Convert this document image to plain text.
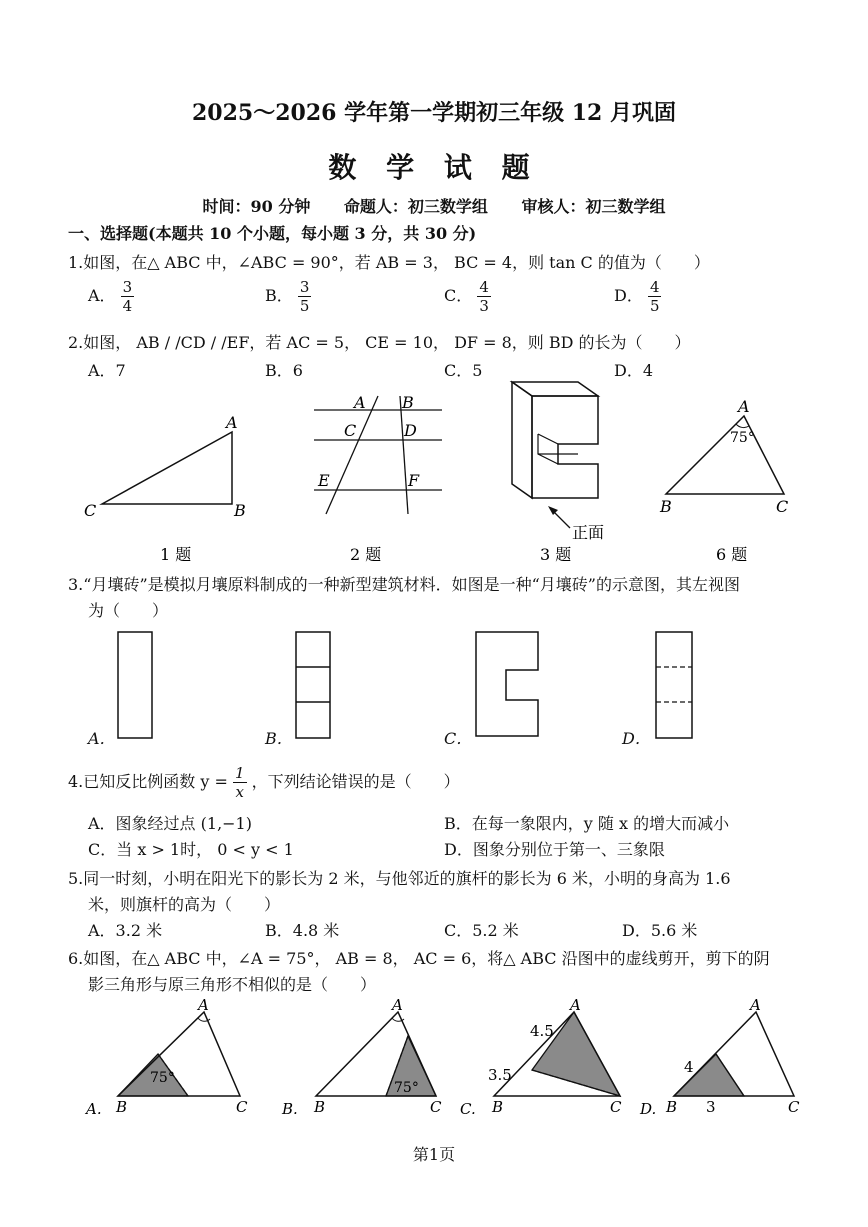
2025～2026 学年第一学期初三年级 12 月巩固
数 学 试 题
时间：90 分钟 命题人：初三数学组 审核人：初三数学组
一、选择题(本题共 10 个小题，每小题 3 分，共 30 分)
1.如图，在△ ABC 中，∠ABC = 90°，若 AB = 3， BC = 4，则 tan C 的值为（　　）
A． $\frac{3}{4}$	B． $\frac{3}{5}$	C． $\frac{4}{3}$	D． $\frac{4}{5}$
2.如图， AB / /CD / /EF，若 AC = 5， CE = 10， DF = 8，则 BD 的长为（　　）
A．7	B．6	C．5	D．4
A
B
C
1 题
A B
C	D
E	F
2 题
正面
3 题
A
B	C
75°
6 题
3.“月壤砖”是模拟月壤原料制成的一种新型建筑材料．如图是一种“月壤砖”的示意图，其左视图
为（　　）
A．	B．	C．	D．
4.已知反比例函数 $y = \frac{1}{x}$ ，下列结论错误的是（　　）
A．图象经过点 (1,−1)	B．在每一象限内，y 随 x 的增大而减小
C．当 x > 1时， 0 < y < 1	D．图象分别位于第一、三象限
5.同一时刻，小明在阳光下的影长为 2 米，与他邻近的旗杆的影长为 6 米，小明的身高为 1.6
米，则旗杆的高为（　　）
A．3.2 米	B．4.8 米	C．5.2 米	D．5.6 米
6.如图，在△ ABC 中，∠A = 75°， AB = 8， AC = 6，将△ ABC 沿图中的虚线剪开，剪下的阴
影三角形与原三角形不相似的是（　　）
75°
A
B	C
A.
75°
A
B	C
B.
4.5
3.5
A
B	C
C.
4
3
A
B	C
D.
第1页
